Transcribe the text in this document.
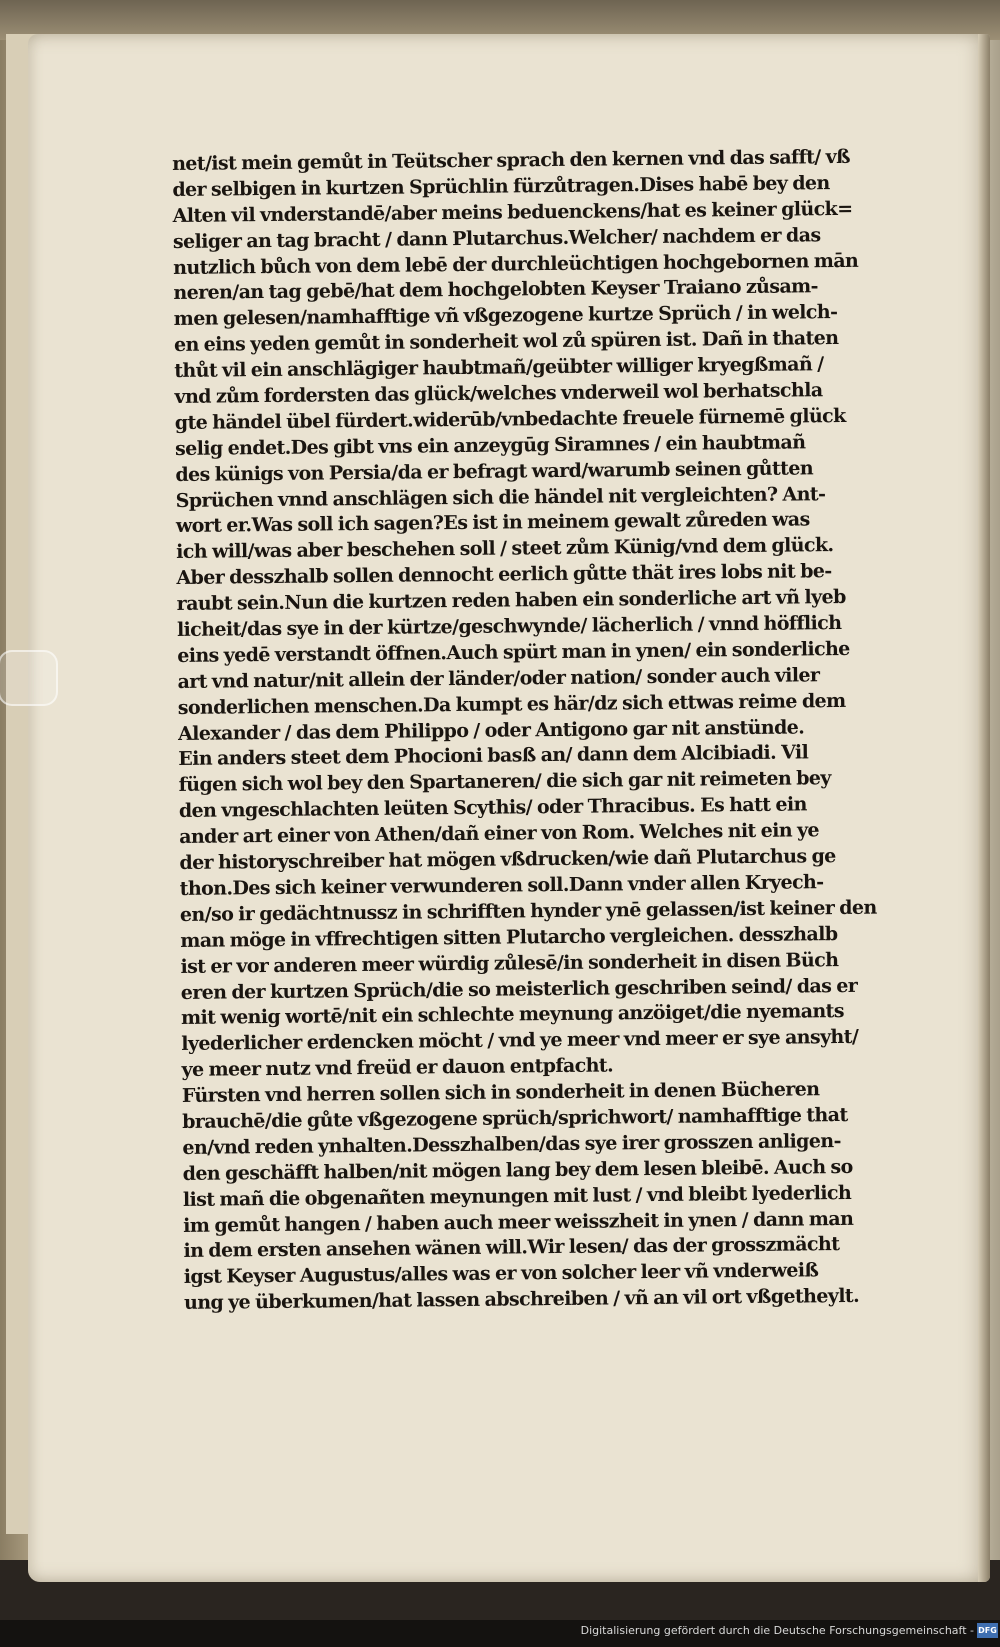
net/ist mein gemůt in Teütscher sprach den kernen vnd das safft/ vßder selbigen in kurtzen Sprüchlin fürzůtragen.Dises habē bey denAlten vil vnderstandē/aber meins beduenckens/hat es keiner glück=seliger an tag bracht / dann Plutarchus.Welcher/ nachdem er dasnutzlich bůch von dem lebē der durchleüchtigen hochgebornen mānneren/an tag gebē/hat dem hochgelobten Keyser Traiano zůsam‑men gelesen/namhafftige vñ vßgezogene kurtze Sprüch / in welch‑en eins yeden gemůt in sonderheit wol zů spüren ist. Dañ in thatenthůt vil ein anschlägiger haubtmañ/geübter williger kryegßmañ /vnd zům fordersten das glück/welches vnderweil wol berhatschlagte händel übel fürdert.widerūb/vnbedachte freuele fürnemē glückselig endet.Des gibt vns ein anzeygūg Siramnes / ein haubtmañdes künigs von Persia/da er befragt ward/warumb seinen gůttenSprüchen vnnd anschlägen sich die händel nit vergleichten? Ant‑wort er.Was soll ich sagen?Es ist in meinem gewalt zůreden wasich will/was aber beschehen soll / steet zům Künig/vnd dem glück.Aber desszhalb sollen dennocht eerlich gůtte thät ires lobs nit be‑raubt sein.Nun die kurtzen reden haben ein sonderliche art vñ lyeblicheit/das sye in der kürtze/geschwynde/ lächerlich / vnnd höfflicheins yedē verstandt öffnen.Auch spürt man in ynen/ ein sonderlicheart vnd natur/nit allein der länder/oder nation/ sonder auch vilersonderlichen menschen.Da kumpt es här/dz sich ettwas reime demAlexander / das dem Philippo / oder Antigono gar nit anstünde.Ein anders steet dem Phocioni basß an/ dann dem Alcibiadi. Vilfügen sich wol bey den Spartaneren/ die sich gar nit reimeten beyden vngeschlachten leüten Scythis/ oder Thracibus. Es hatt einander art einer von Athen/dañ einer von Rom. Welches nit ein yeder historyschreiber hat mögen vßdrucken/wie dañ Plutarchus gethon.Des sich keiner verwunderen soll.Dann vnder allen Kryech‑en/so ir gedächtnussz in schrifften hynder ynē gelassen/ist keiner denman möge in vffrechtigen sitten Plutarcho vergleichen. desszhalbist er vor anderen meer würdig zůlesē/in sonderheit in disen Bücheren der kurtzen Sprüch/die so meisterlich geschriben seind/ das ermit wenig wortē/nit ein schlechte meynung anzöiget/die nyemantslyederlicher erdencken möcht / vnd ye meer vnd meer er sye ansyht/ye meer nutz vnd freüd er dauon entpfacht.Fürsten vnd herren sollen sich in sonderheit in denen Bücherenbrauchē/die gůte vßgezogene sprüch/sprichwort/ namhafftige thaten/vnd reden ynhalten.Desszhalben/das sye irer grosszen anligen‑den geschäfft halben/nit mögen lang bey dem lesen bleibē. Auch solist mañ die obgenañten meynungen mit lust / vnd bleibt lyederlichim gemůt hangen / haben auch meer weisszheit in ynen / dann manin dem ersten ansehen wänen will.Wir lesen/ das der grosszmächtigst Keyser Augustus/alles was er von solcher leer vñ vnderweißung ye überkumen/hat lassen abschreiben / vñ an vil ort vßgetheylt.
Digitalisierung gefördert durch die Deutsche Forschungsgemeinschaft - DFG
